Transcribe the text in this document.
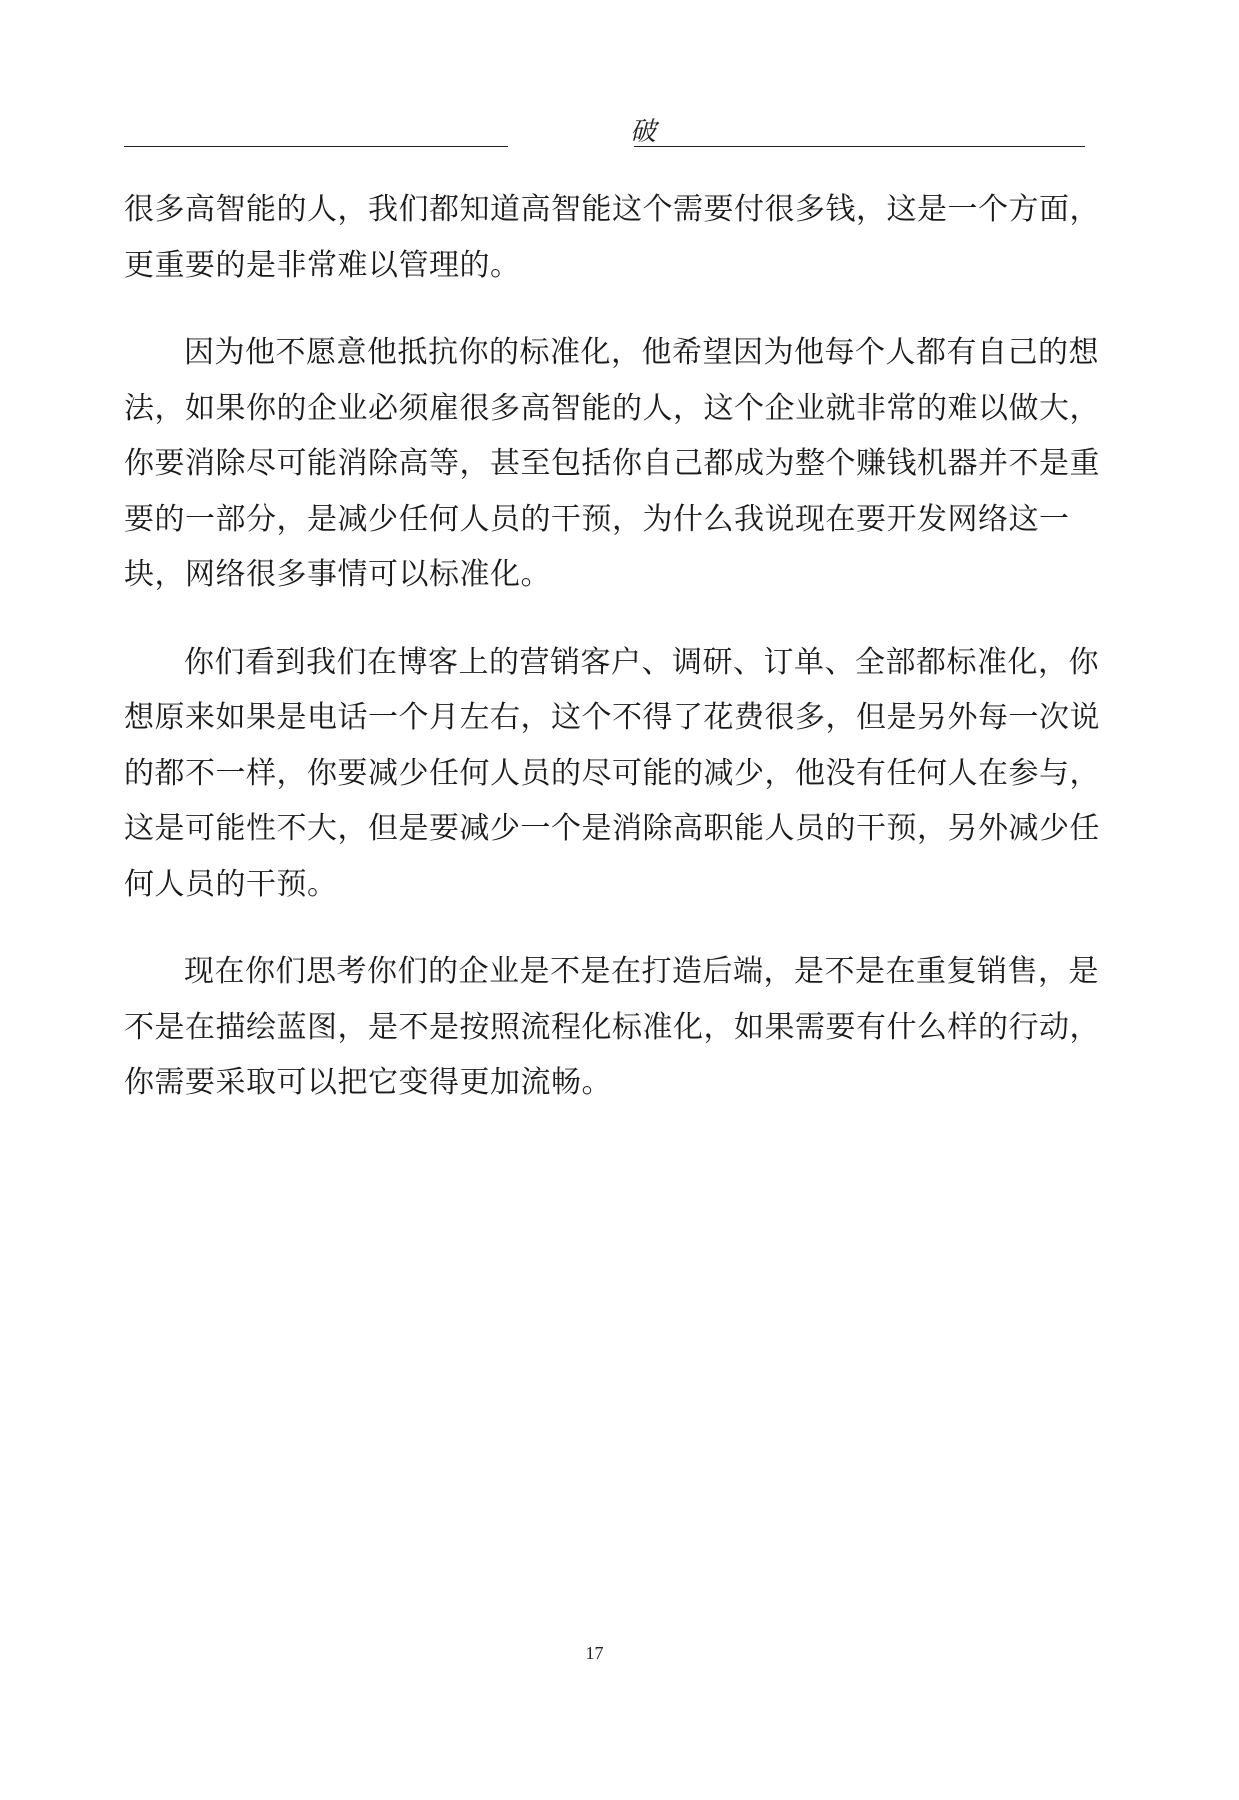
破

很多高智能的人，我们都知道高智能这个需要付很多钱，这是一个方面，更重要的是非常难以管理的。

因为他不愿意他抵抗你的标准化，他希望因为他每个人都有自己的想法，如果你的企业必须雇很多高智能的人，这个企业就非常的难以做大，你要消除尽可能消除高等，甚至包括你自己都成为整个赚钱机器并不是重要的一部分，是减少任何人员的干预，为什么我说现在要开发网络这一块，网络很多事情可以标准化。

你们看到我们在博客上的营销客户、调研、订单、全部都标准化，你想原来如果是电话一个月左右，这个不得了花费很多，但是另外每一次说的都不一样，你要减少任何人员的尽可能的减少，他没有任何人在参与，这是可能性不大，但是要减少一个是消除高职能人员的干预，另外减少任何人员的干预。

现在你们思考你们的企业是不是在打造后端，是不是在重复销售，是不是在描绘蓝图，是不是按照流程化标准化，如果需要有什么样的行动，你需要采取可以把它变得更加流畅。

17
